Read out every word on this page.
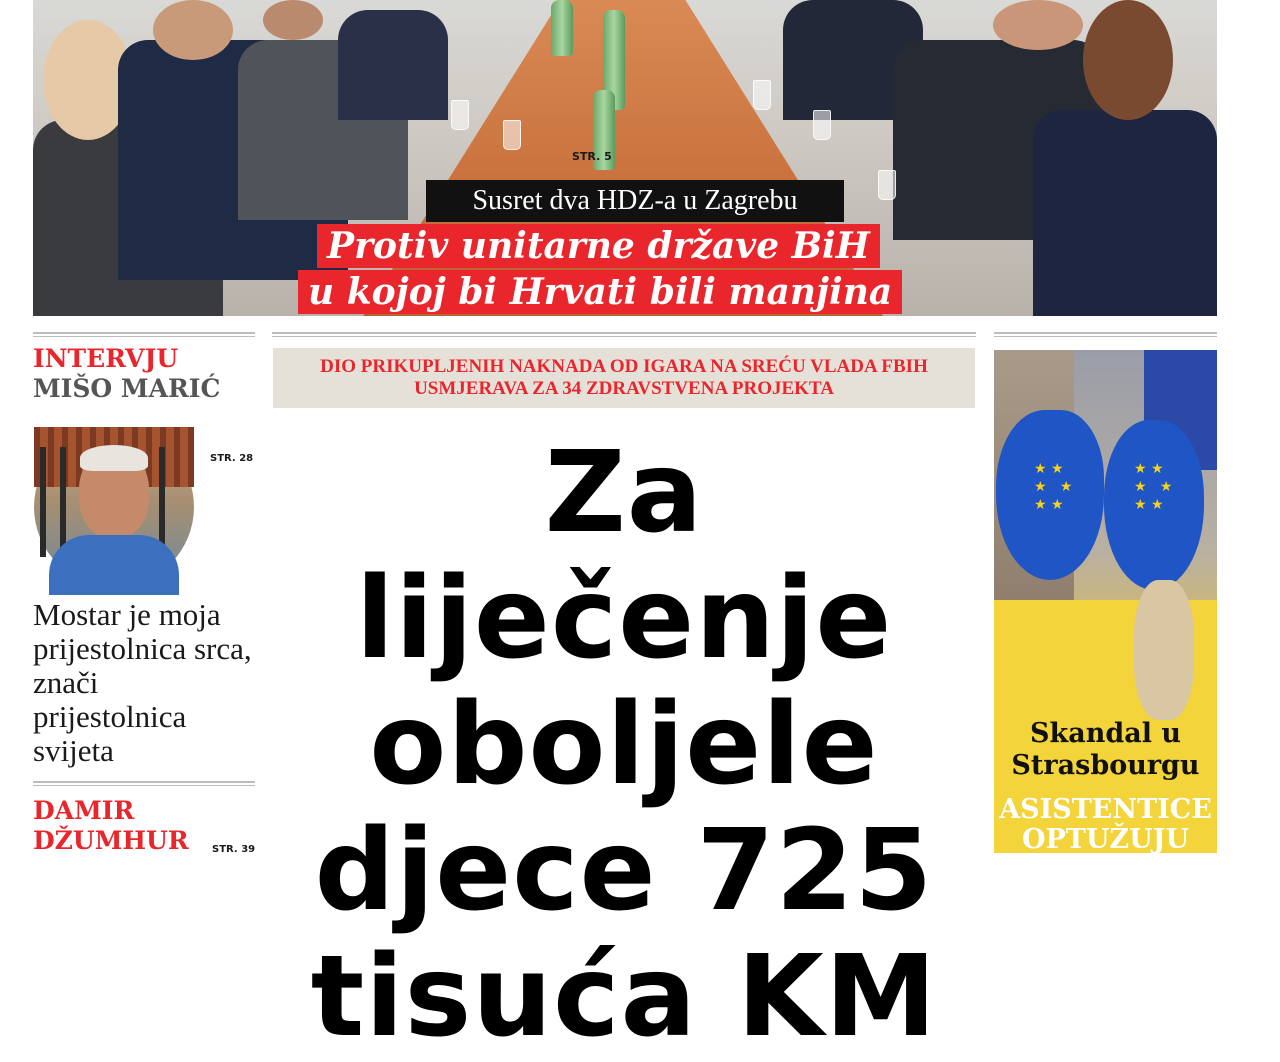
STR. 5
Susret dva HDZ-a u Zagrebu
Protiv unitarne države BiH
u kojoj bi Hrvati bili manjina
INTERVJU
MIŠO MARIĆ
STR. 28
Mostar je moja prijestolnica srca, znači prijestolnica svijeta
DAMIR
DŽUMHUR STR. 39
DIO PRIKUPLJENIH NAKNADA OD IGARA NA SREĆU VLADA FBIH USMJERAVA ZA 34 ZDRAVSTVENA PROJEKTA
Za liječenje oboljele djece 725 tisuća KM
★ ★
★   ★
★ ★
★ ★
★   ★
★ ★
Skandal u Strasbourgu
ASISTENTICE OPTUŽUJU
